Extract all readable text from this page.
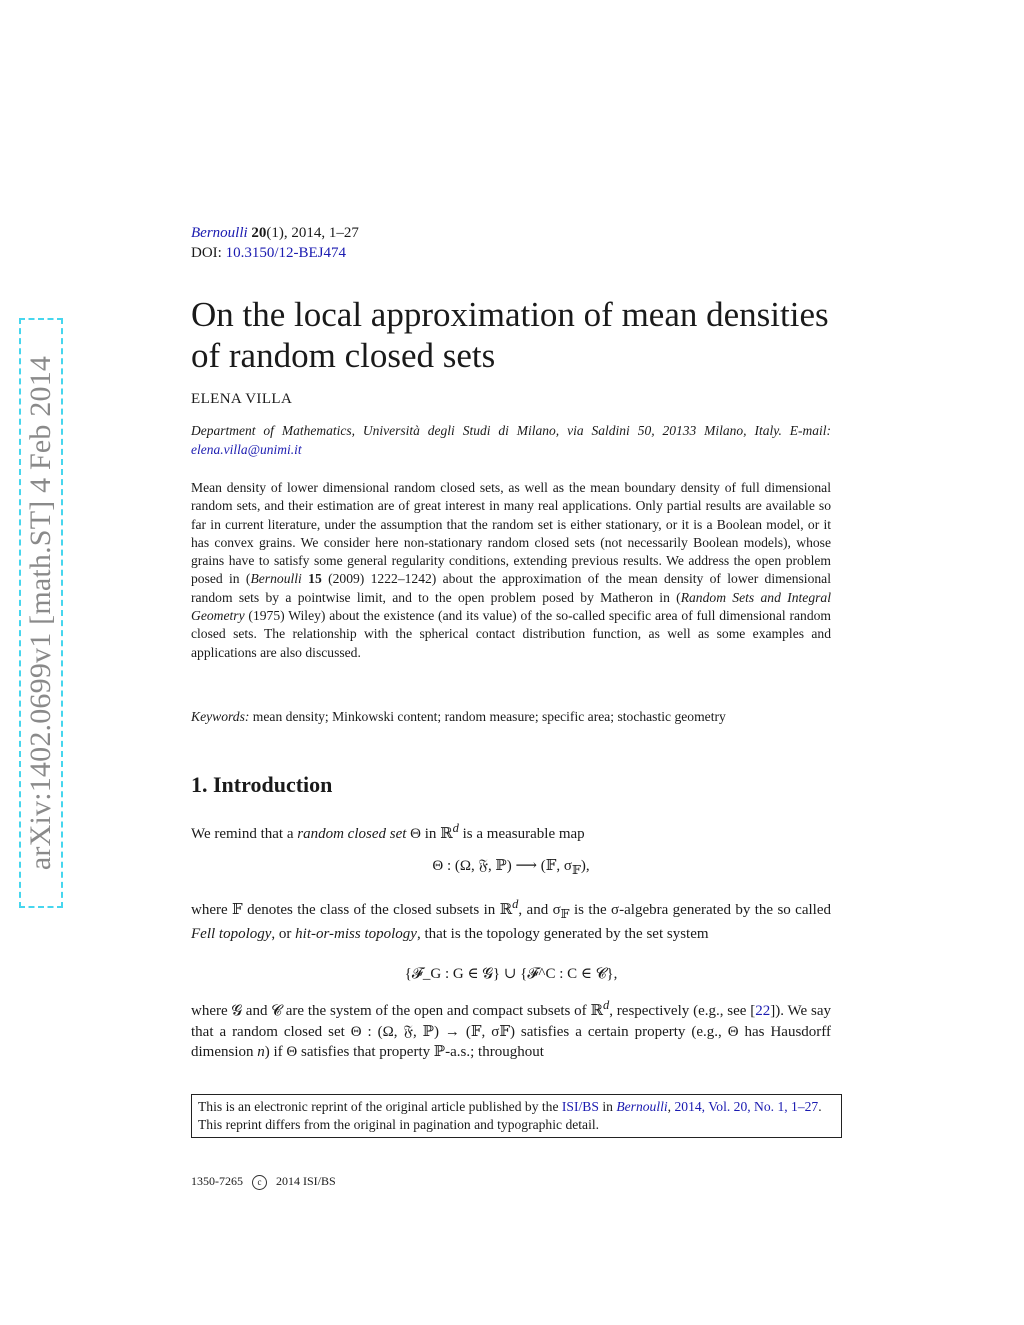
arXiv:1402.0699v1 [math.ST] 4 Feb 2014
Bernoulli 20(1), 2014, 1–27
DOI: 10.3150/12-BEJ474
On the local approximation of mean densities
of random closed sets
ELENA VILLA
Department of Mathematics, Università degli Studi di Milano, via Saldini 50, 20133 Milano, Italy. E-mail: elena.villa@unimi.it
Mean density of lower dimensional random closed sets, as well as the mean boundary density of full dimensional random sets, and their estimation are of great interest in many real applications. Only partial results are available so far in current literature, under the assumption that the random set is either stationary, or it is a Boolean model, or it has convex grains. We consider here non-stationary random closed sets (not necessarily Boolean models), whose grains have to satisfy some general regularity conditions, extending previous results. We address the open problem posed in (Bernoulli 15 (2009) 1222–1242) about the approximation of the mean density of lower dimensional random sets by a pointwise limit, and to the open problem posed by Matheron in (Random Sets and Integral Geometry (1975) Wiley) about the existence (and its value) of the so-called specific area of full dimensional random closed sets. The relationship with the spherical contact distribution function, as well as some examples and applications are also discussed.
Keywords: mean density; Minkowski content; random measure; specific area; stochastic geometry
1. Introduction
We remind that a random closed set Θ in ℝ$^d$ is a measurable map
Θ : (Ω, 𝔉, ℙ) ⟶ (𝔽, $\sigma_𝔽$),
where 𝔽 denotes the class of the closed subsets in ℝ$^d$, and $\sigma_𝔽$ is the σ-algebra generated by the so called Fell topology, or hit-or-miss topology, that is the topology generated by the set system
{𝓕_G : G ∈ 𝓖} ∪ {𝓕^C : C ∈ 𝓒},
where 𝓖 and 𝓒 are the system of the open and compact subsets of ℝ$^d$, respectively (e.g., see [22]). We say that a random closed set Θ : (Ω, 𝔉, ℙ) → (𝔽, σ𝔽) satisfies a certain property (e.g., Θ has Hausdorff dimension n) if Θ satisfies that property ℙ-a.s.; throughout
This is an electronic reprint of the original article published by the ISI/BS in Bernoulli, 2014, Vol. 20, No. 1, 1–27. This reprint differs from the original in pagination and typographic detail.
1350-7265 c 2014 ISI/BS
